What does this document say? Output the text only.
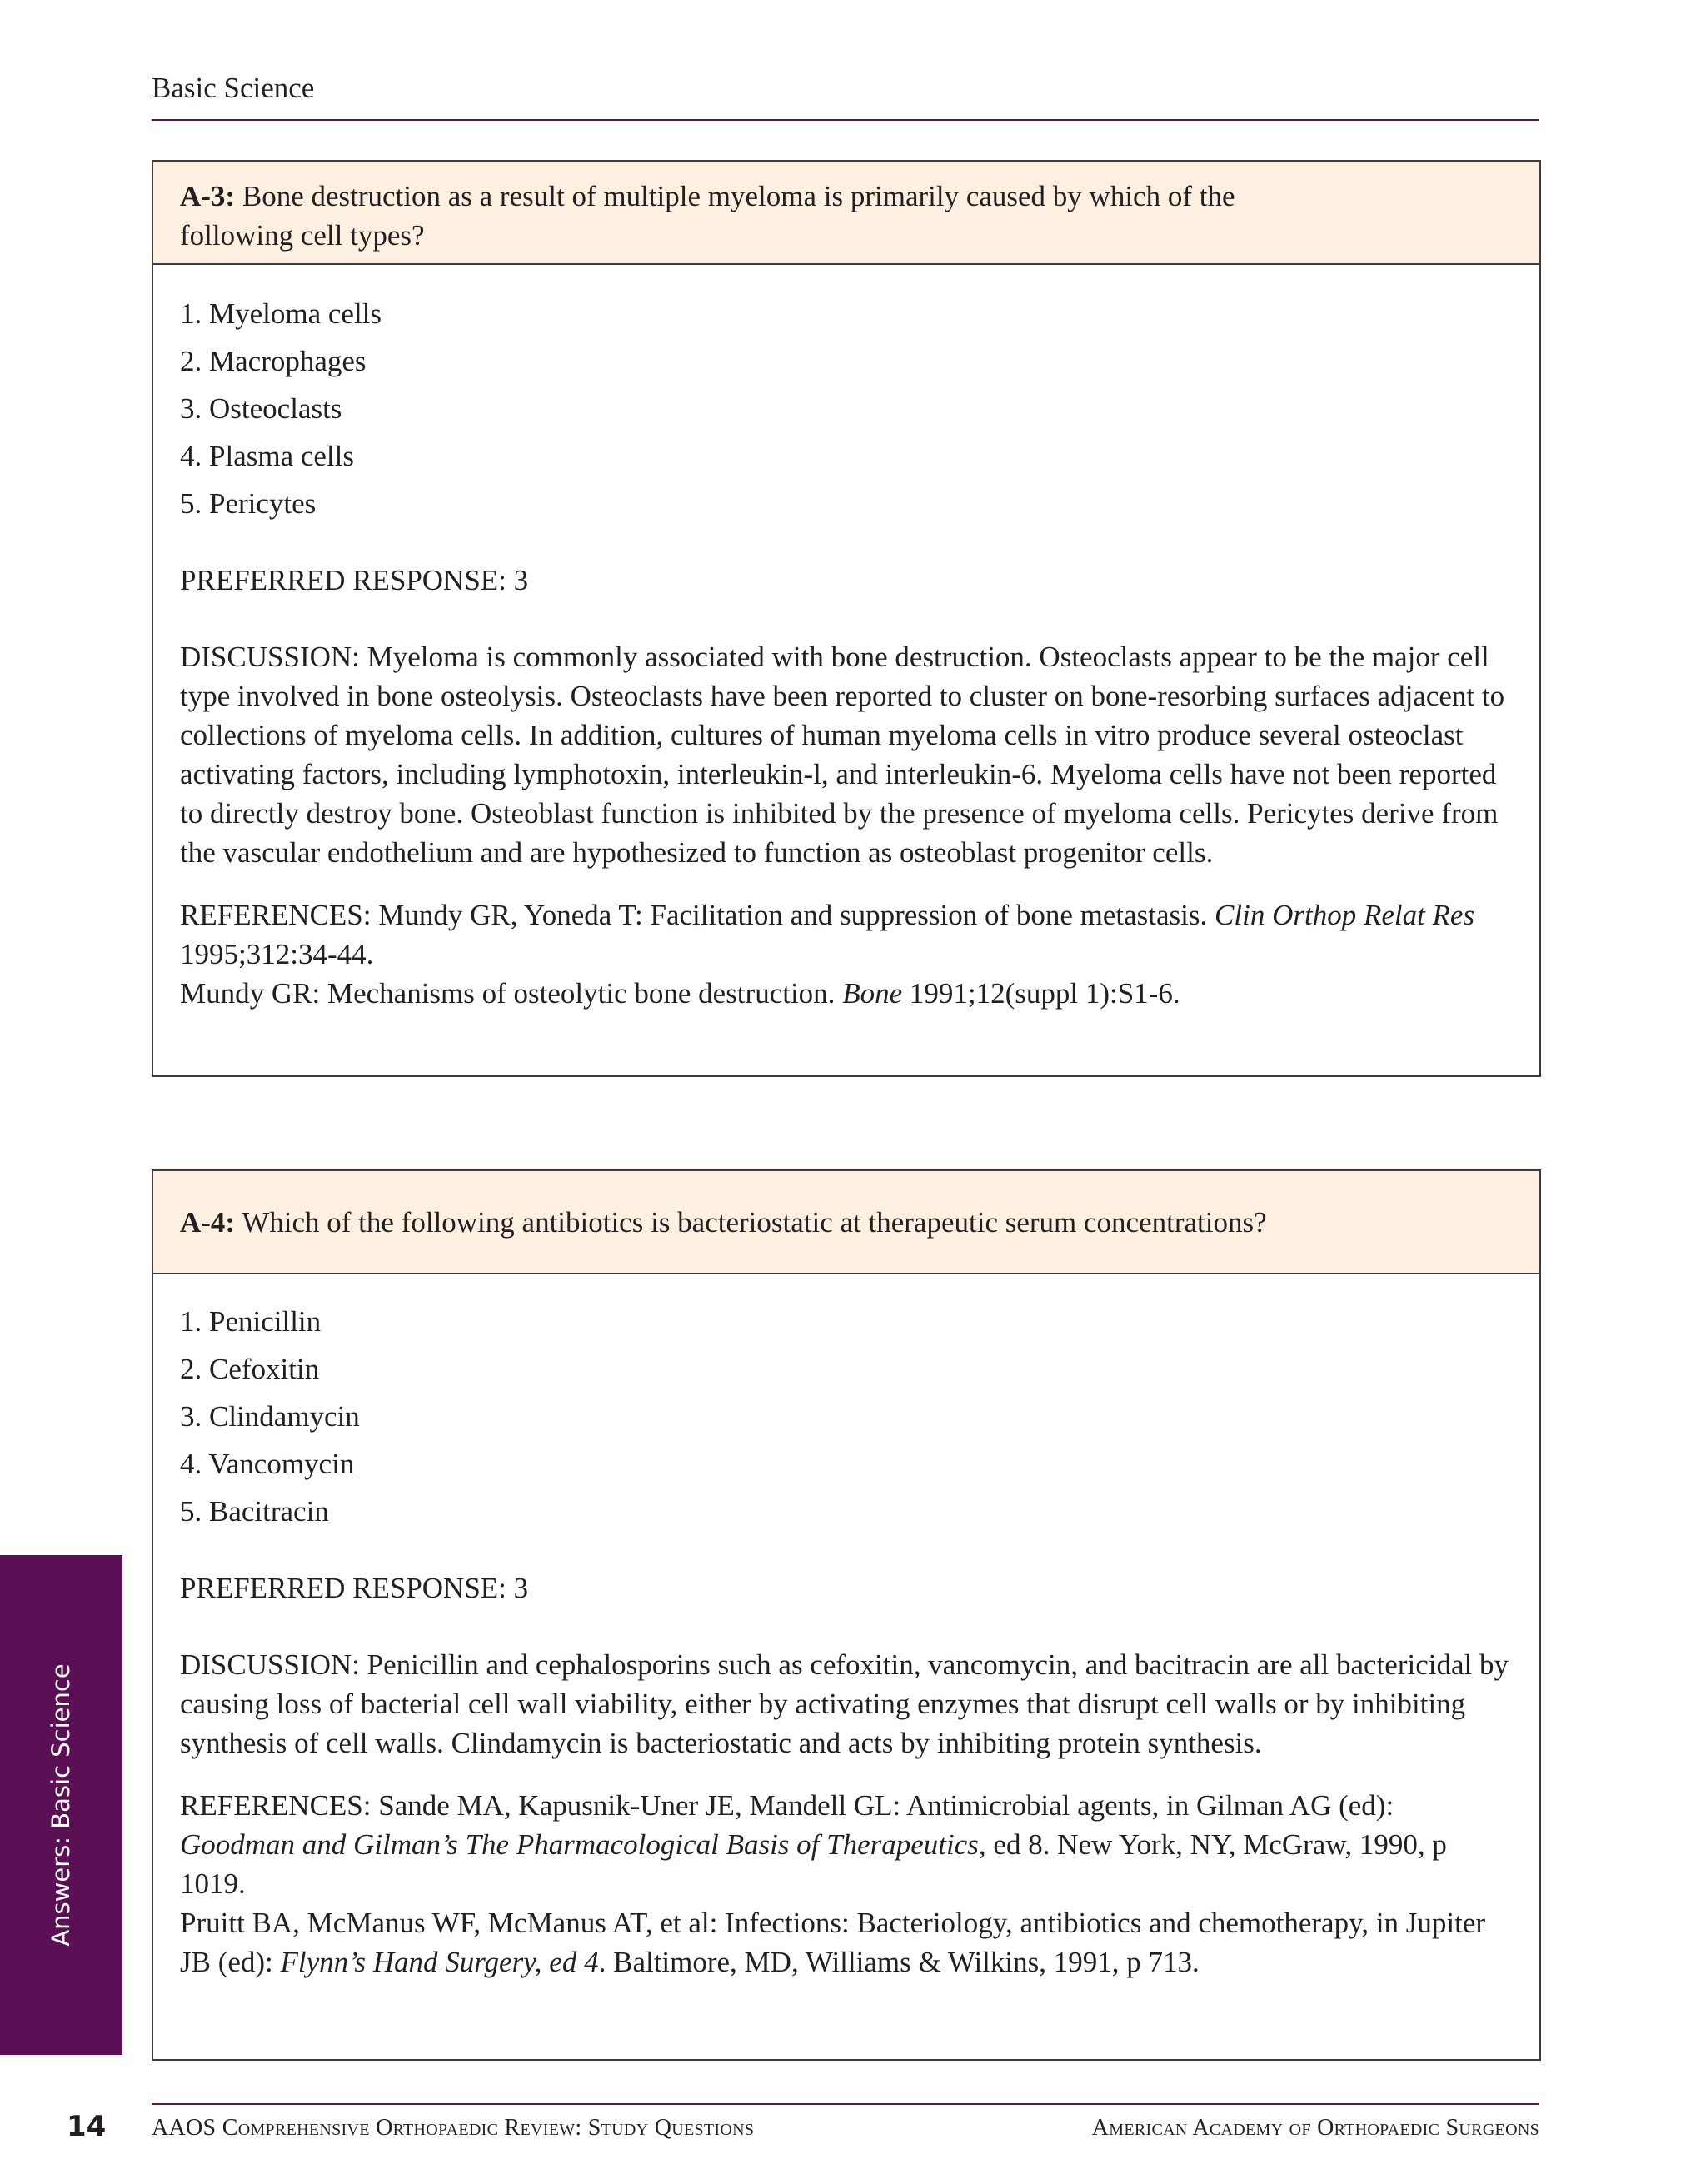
Basic Science
A-3: Bone destruction as a result of multiple myeloma is primarily caused by which of the
following cell types?
1. Myeloma cells
2. Macrophages
3. Osteoclasts
4. Plasma cells
5. Pericytes

PREFERRED RESPONSE: 3

DISCUSSION: Myeloma is commonly associated with bone destruction. Osteoclasts appear to be the major cell type involved in bone osteolysis. Osteoclasts have been reported to cluster on bone-resorbing surfaces adjacent to collections of myeloma cells. In addition, cultures of human myeloma cells in vitro produce several osteoclast activating factors, including lymphotoxin, interleukin-l, and interleukin-6. Myeloma cells have not been reported to directly destroy bone. Osteoblast function is inhibited by the presence of myeloma cells. Pericytes derive from the vascular endothelium and are hypothesized to function as osteoblast progenitor cells.

REFERENCES: Mundy GR, Yoneda T: Facilitation and suppression of bone metastasis. Clin Orthop Relat Res 1995;312:34-44.
Mundy GR: Mechanisms of osteolytic bone destruction. Bone 1991;12(suppl 1):S1-6.

A-4: Which of the following antibiotics is bacteriostatic at therapeutic serum concentrations?
1. Penicillin
2. Cefoxitin
3. Clindamycin
4. Vancomycin
5. Bacitracin

PREFERRED RESPONSE: 3

DISCUSSION: Penicillin and cephalosporins such as cefoxitin, vancomycin, and bacitracin are all bactericidal by causing loss of bacterial cell wall viability, either by activating enzymes that disrupt cell walls or by inhibiting synthesis of cell walls. Clindamycin is bacteriostatic and acts by inhibiting protein synthesis.

REFERENCES: Sande MA, Kapusnik-Uner JE, Mandell GL: Antimicrobial agents, in Gilman AG (ed): Goodman and Gilman’s The Pharmacological Basis of Therapeutics, ed 8. New York, NY, McGraw, 1990, p 1019.
Pruitt BA, McManus WF, McManus AT, et al: Infections: Bacteriology, antibiotics and chemotherapy, in Jupiter JB (ed): Flynn’s Hand Surgery, ed 4. Baltimore, MD, Williams & Wilkins, 1991, p 713.

Answers: Basic Science
14 AAOS Comprehensive Orthopaedic Review: Study Questions	American Academy of Orthopaedic Surgeons
